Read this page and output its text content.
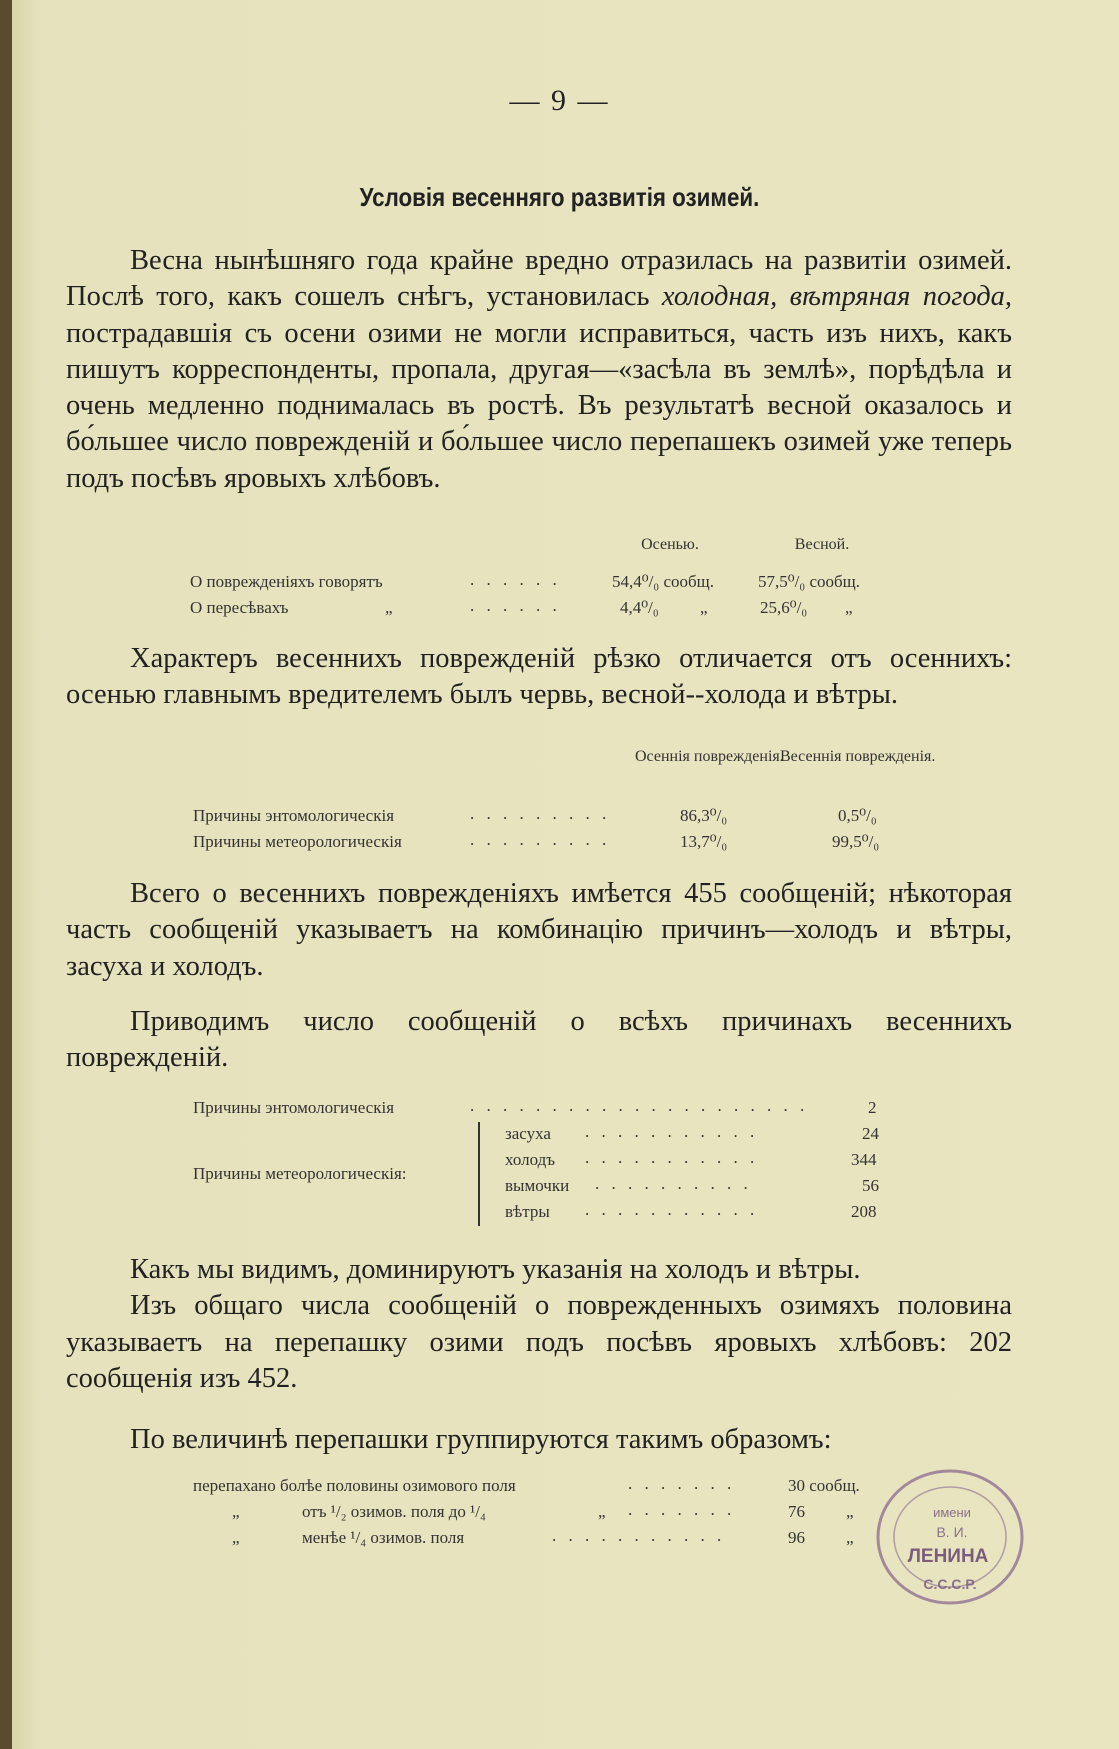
— 9 —
Условія весенняго развитія озимей.

Весна нынѣшняго года крайне вредно отразилась на развитіи озимей. Послѣ того, какъ сошелъ снѣгъ, установилась холодная, вѣтряная погода, пострадавшія съ осени озими не могли исправиться, часть изъ нихъ, какъ пишутъ корреспонденты, пропала, другая—«засѣла въ землѣ», порѣдѣла и очень медленно поднималась въ ростѣ. Въ результатѣ весной оказалось и бо́льшее число поврежденій и бо́льшее число перепашекъ озимей уже теперь подъ посѣвъ яровыхъ хлѣбовъ.

Осенью.	Весной.
О поврежденіяхъ говорятъ	. . . . . .	54,4⁰/₀ сообщ.	57,5⁰/₀ сообщ.
О пересѣвахъ	„	. . . . . .	4,4⁰/₀ „	25,6⁰/₀ „

Характеръ весеннихъ поврежденій рѣзко отличается отъ осеннихъ: осенью главнымъ вредителемъ былъ червь, весной--холода и вѣтры.

Осеннія поврежденія.
Весеннія поврежденія.
Причины энтомологическія	. . . . . . . . .	86,3⁰/₀	0,5⁰/₀
Причины метеорологическія	. . . . . . . . .	13,7⁰/₀	99,5⁰/₀

Всего о весеннихъ поврежденіяхъ имѣется 455 сообщеній; нѣкоторая часть сообщеній указываетъ на комбинацію причинъ—холодъ и вѣтры, засуха и холодъ.

Приводимъ число сообщеній о всѣхъ причинахъ весеннихъ поврежденій.

Причины энтомологическія	. . . . . . . . . . . . . . . . . . . . .	2
Причины метеорологическія:
засуха . . . . . . . . . . .	24
холодъ . . . . . . . . . . .	344
вымочки . . . . . . . . . .	56
вѣтры . . . . . . . . . . .	208

Какъ мы видимъ, доминируютъ указанія на холодъ и вѣтры.

Изъ общаго числа сообщеній о поврежденныхъ озимяхъ половина указываетъ на перепашку озими подъ посѣвъ яровыхъ хлѣбовъ: 202 сообщенія изъ 452.

По величинѣ перепашки группируются такимъ образомъ:

перепахано болѣе половины озимового поля	. . . . . . .	30 сообщ.
„	отъ ¹/₂ озимов. поля до ¹/₄	„ . . . . . . .	76 „
„	менѣе ¹/₄ озимов. поля	. . . . . . . . . . .	96 „
имени
В. И.
ЛЕНИНА
С.С.С.Р.
